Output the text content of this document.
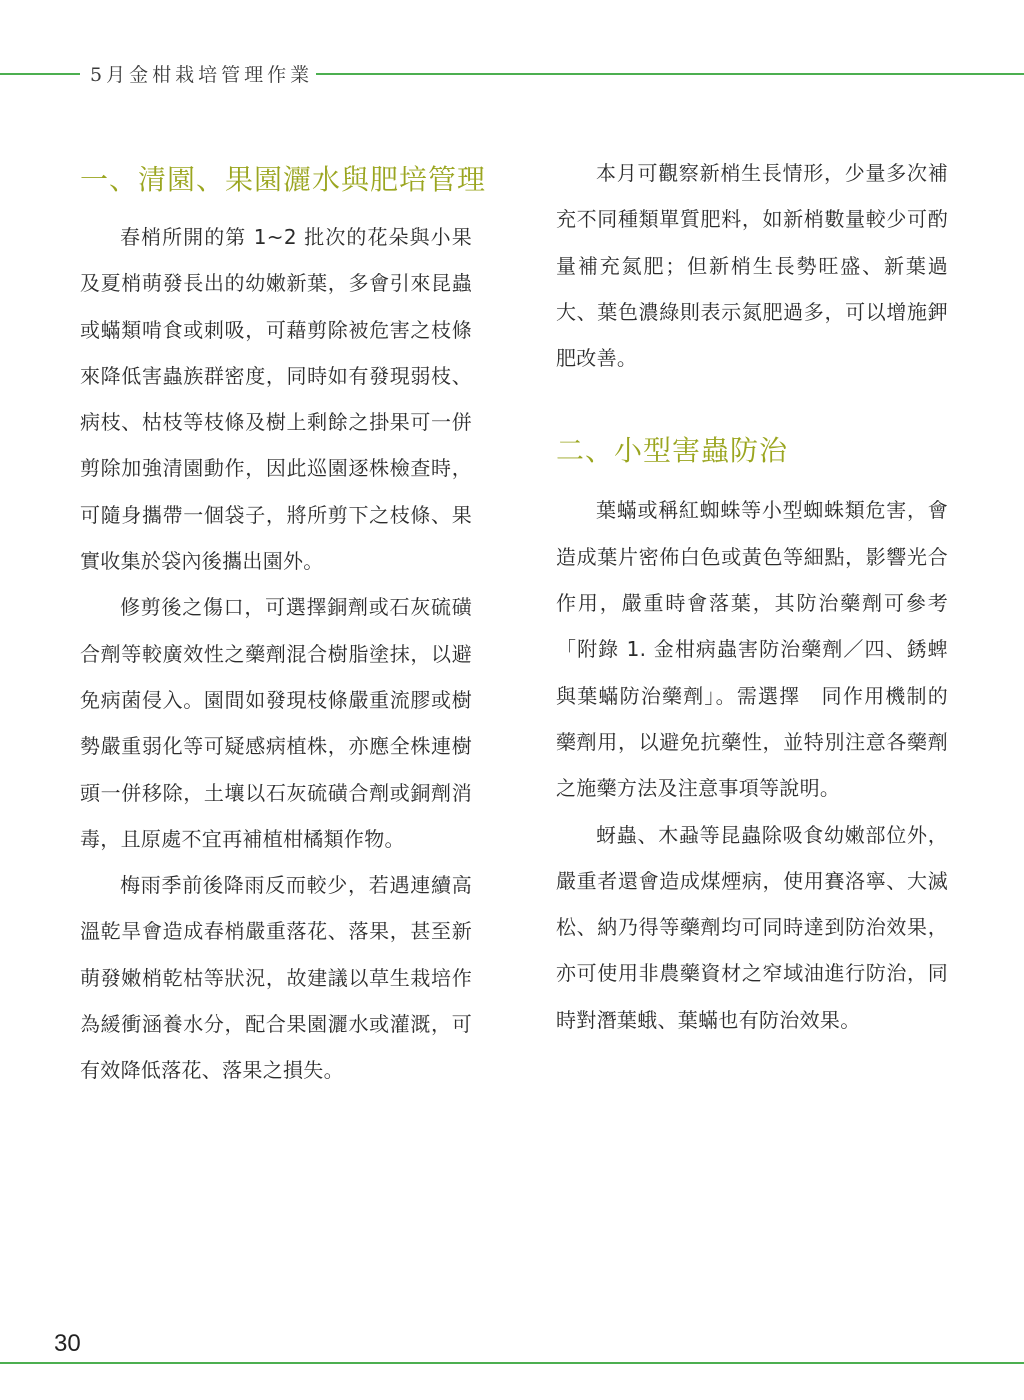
5月金柑栽培管理作業
一、清園、果園灑水與肥培管理

春梢所開的第 1~2 批次的花朵與小果及夏梢萌發長出的幼嫩新葉，多會引來昆蟲或蟎類啃食或刺吸，可藉剪除被危害之枝條來降低害蟲族群密度，同時如有發現弱枝、病枝、枯枝等枝條及樹上剩餘之掛果可一併剪除加強清園動作，因此巡園逐株檢查時，可隨身攜帶一個袋子，將所剪下之枝條、果實收集於袋內後攜出園外。

修剪後之傷口，可選擇銅劑或石灰硫磺合劑等較廣效性之藥劑混合樹脂塗抹，以避免病菌侵入。園間如發現枝條嚴重流膠或樹勢嚴重弱化等可疑感病植株，亦應全株連樹頭一併移除，土壤以石灰硫磺合劑或銅劑消毒，且原處不宜再補植柑橘類作物。

梅雨季前後降雨反而較少，若遇連續高溫乾旱會造成春梢嚴重落花、落果，甚至新萌發嫩梢乾枯等狀況，故建議以草生栽培作為緩衝涵養水分，配合果園灑水或灌溉，可有效降低落花、落果之損失。

本月可觀察新梢生長情形，少量多次補充不同種類單質肥料，如新梢數量較少可酌量補充氮肥；但新梢生長勢旺盛、新葉過大、葉色濃綠則表示氮肥過多，可以增施鉀肥改善。

二、小型害蟲防治

葉蟎或稱紅蜘蛛等小型蜘蛛類危害，會造成葉片密佈白色或黃色等細點，影響光合作用，嚴重時會落葉，其防治藥劑可參考「附錄 1. 金柑病蟲害防治藥劑／四、銹蜱與葉蟎防治藥劑」。需選擇　同作用機制的藥劑用，以避免抗藥性，並特別注意各藥劑之施藥方法及注意事項等說明。

蚜蟲、木蝨等昆蟲除吸食幼嫩部位外，嚴重者還會造成煤煙病，使用賽洛寧、大滅松、納乃得等藥劑均可同時達到防治效果，亦可使用非農藥資材之窄域油進行防治，同時對潛葉蛾、葉蟎也有防治效果。

30
